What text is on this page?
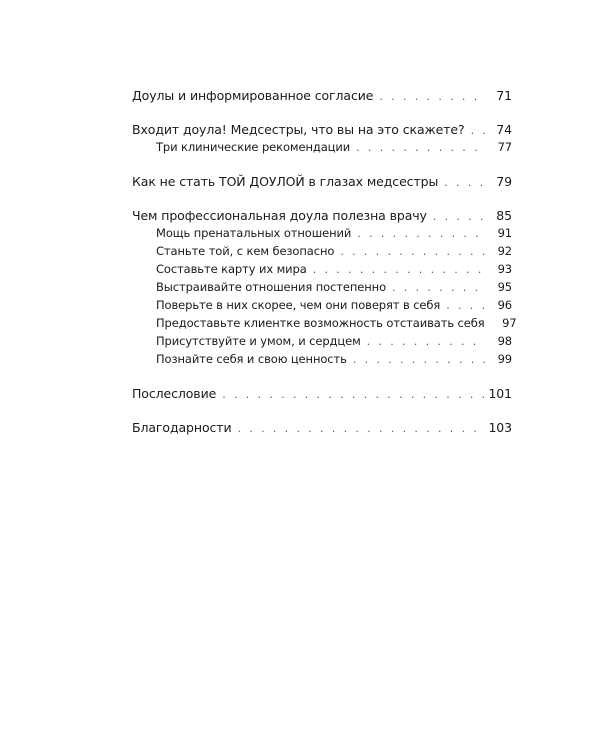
Доулы и информированное согласие . . .	71
Входит доула! Медсестры, что вы на это скажете? . . .	74
Три клинические рекомендации . . .	77
Как не стать ТОЙ ДОУЛОЙ в глазах медсестры . . .	79
Чем профессиональная доула полезна врачу . . .	85
Мощь пренатальных отношений . . .	91
Станьте той, с кем безопасно . . .	92
Составьте карту их мира . . .	93
Выстраивайте отношения постепенно . . .	95
Поверьте в них скорее, чем они поверят в себя . . .	96
Предоставьте клиентке возможность отстаивать себя	97
Присутствуйте и умом, и сердцем . . .	98
Познайте себя и свою ценность . . .	99
Послесловие . . .	101
Благодарности . . .	103
